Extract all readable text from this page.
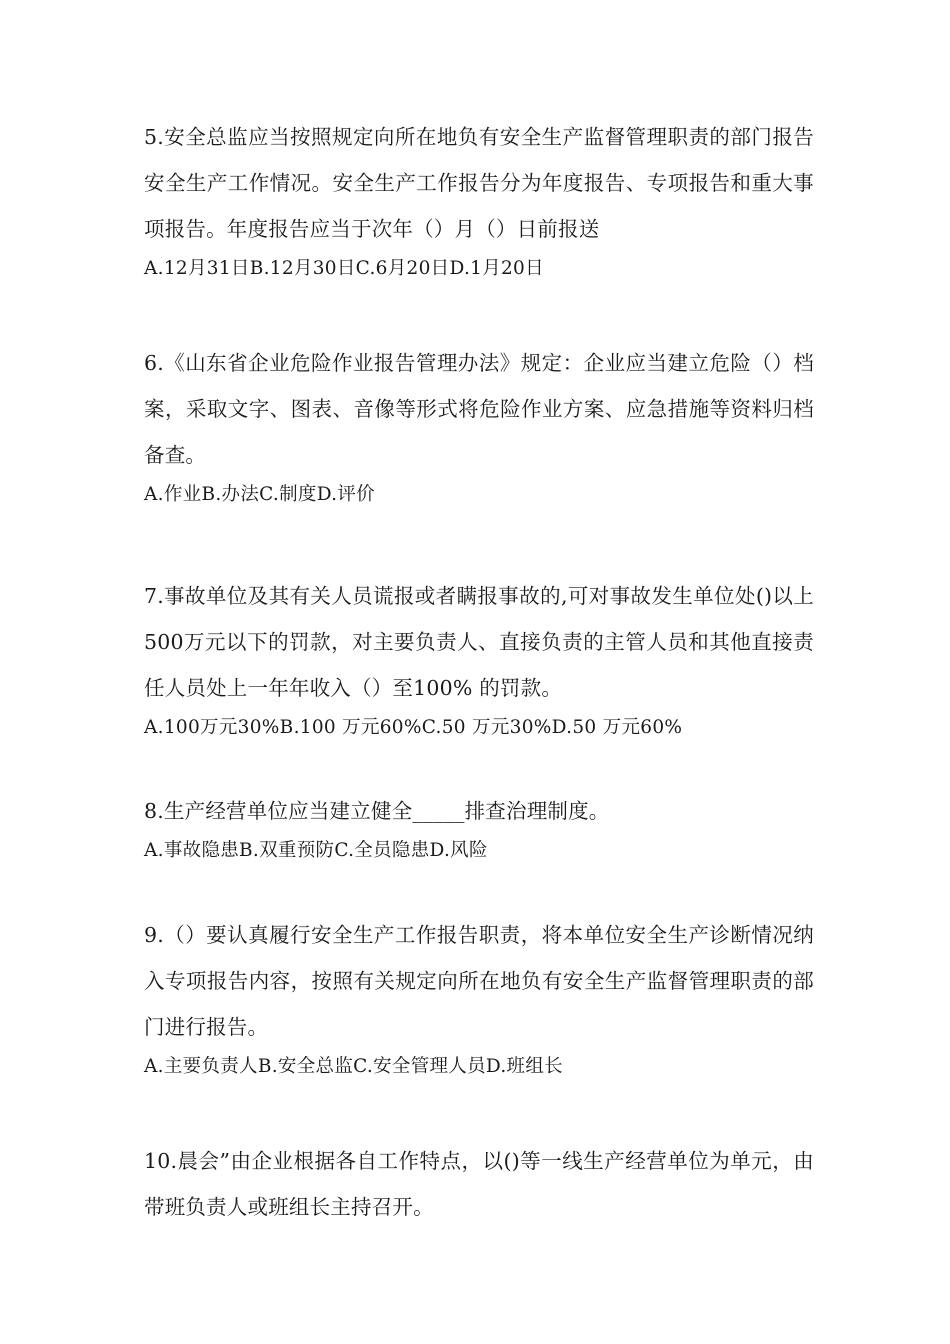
5.安全总监应当按照规定向所在地负有安全生产监督管理职责的部门报告安全生产工作情况。安全生产工作报告分为年度报告、专项报告和重大事项报告。年度报告应当于次年（）月（）日前报送

A.12月31日B.12月30日C.6月20日D.1月20日

6.《山东省企业危险作业报告管理办法》规定：企业应当建立危险（）档案，采取文字、图表、音像等形式将危险作业方案、应急措施等资料归档备查。

A.作业B.办法C.制度D.评价

7.事故单位及其有关人员谎报或者瞒报事故的,可对事故发生单位处()以上500万元以下的罚款，对主要负责人、直接负责的主管人员和其他直接责任人员处上一年年收入（）至100% 的罚款。

A.100万元30%B.100 万元60%C.50 万元30%D.50 万元60%

8.生产经营单位应当建立健全_____排查治理制度。

A.事故隐患B.双重预防C.全员隐患D.风险

9.（）要认真履行安全生产工作报告职责，将本单位安全生产诊断情况纳入专项报告内容，按照有关规定向所在地负有安全生产监督管理职责的部门进行报告。

A.主要负责人B.安全总监C.安全管理人员D.班组长

10.晨会”由企业根据各自工作特点，以()等一线生产经营单位为单元，由带班负责人或班组长主持召开。
